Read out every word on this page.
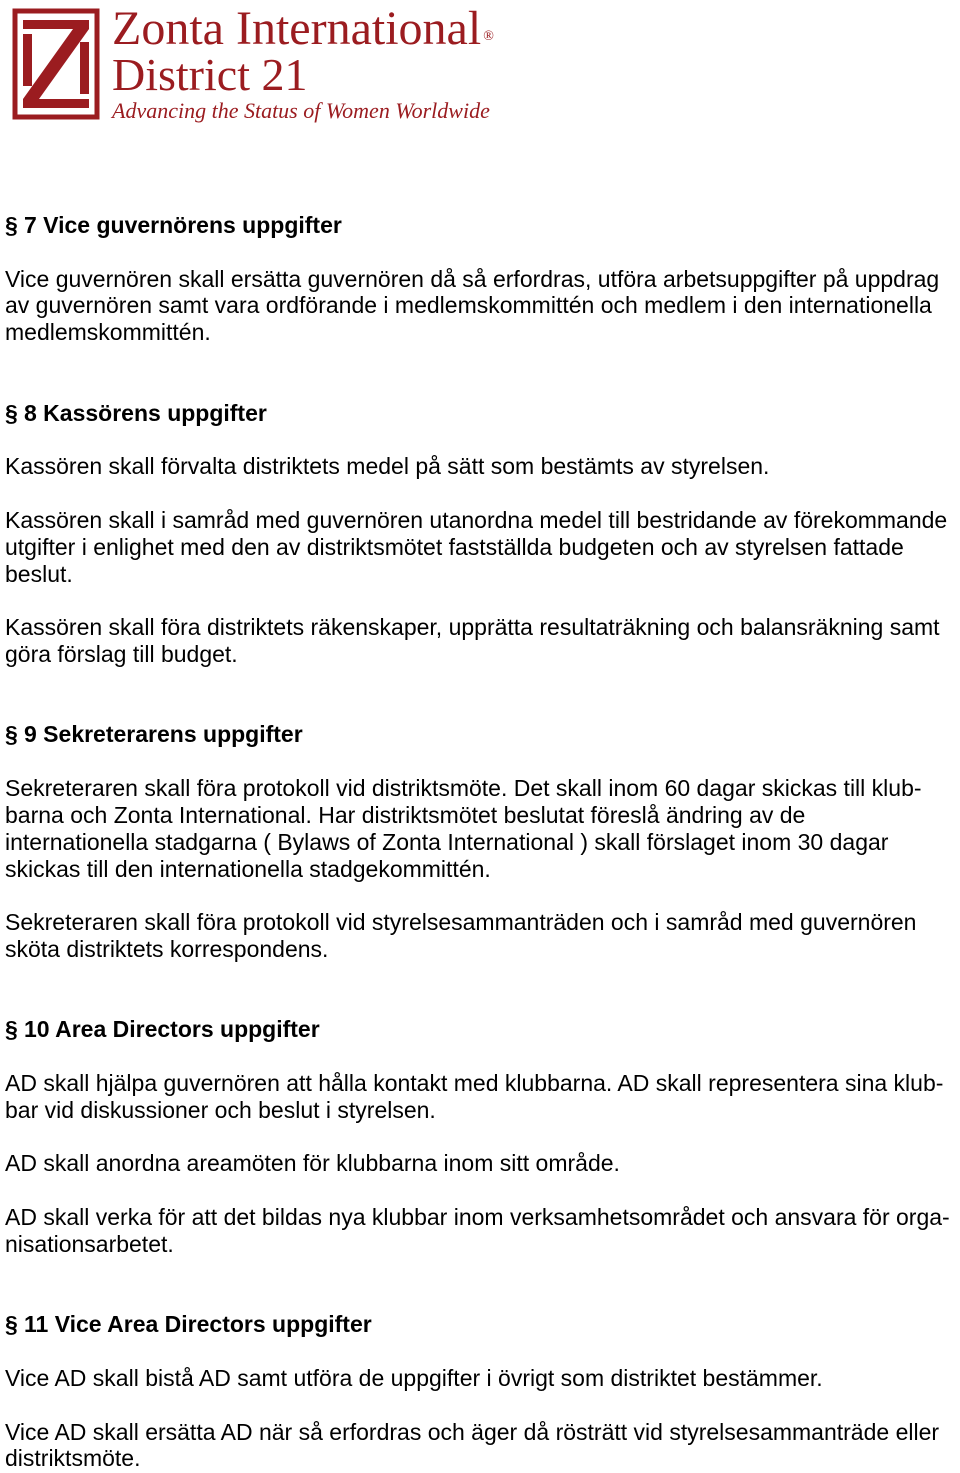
Zonta International ®
District 21
Advancing the Status of Women Worldwide
§ 7 Vice guvernörens uppgifter
Vice guvernören skall ersätta guvernören då så erfordras, utföra arbetsuppgifter på uppdrag
av guvernören samt vara ordförande i medlemskommittén och medlem i den internationella
medlemskommittén.
§ 8 Kassörens uppgifter
Kassören skall förvalta distriktets medel på sätt som bestämts av styrelsen.
Kassören skall i samråd med guvernören utanordna medel till bestridande av förekommande
utgifter i enlighet med den av distriktsmötet fastställda budgeten och av styrelsen fattade
beslut.
Kassören skall föra distriktets räkenskaper, upprätta resultaträkning och balansräkning samt
göra förslag till budget.
§ 9 Sekreterarens uppgifter
Sekreteraren skall föra protokoll vid distriktsmöte. Det skall inom 60 dagar skickas till klub-
barna och Zonta International. Har distriktsmötet beslutat föreslå ändring av de
internationella stadgarna ( Bylaws of Zonta International ) skall förslaget inom 30 dagar
skickas till den internationella stadgekommittén.
Sekreteraren skall föra protokoll vid styrelsesammanträden och i samråd med guvernören
sköta distriktets korrespondens.
§ 10 Area Directors uppgifter
AD skall hjälpa guvernören att hålla kontakt med klubbarna. AD skall representera sina klub-
bar vid diskussioner och beslut i styrelsen.
AD skall anordna areamöten för klubbarna inom sitt område.
AD skall verka för att det bildas nya klubbar inom verksamhetsområdet och ansvara för orga-
nisationsarbetet.
§ 11 Vice Area Directors uppgifter
Vice AD skall bistå AD samt utföra de uppgifter i övrigt som distriktet bestämmer.
Vice AD skall ersätta AD när så erfordras och äger då rösträtt vid styrelsesammanträde eller
distriktsmöte.
